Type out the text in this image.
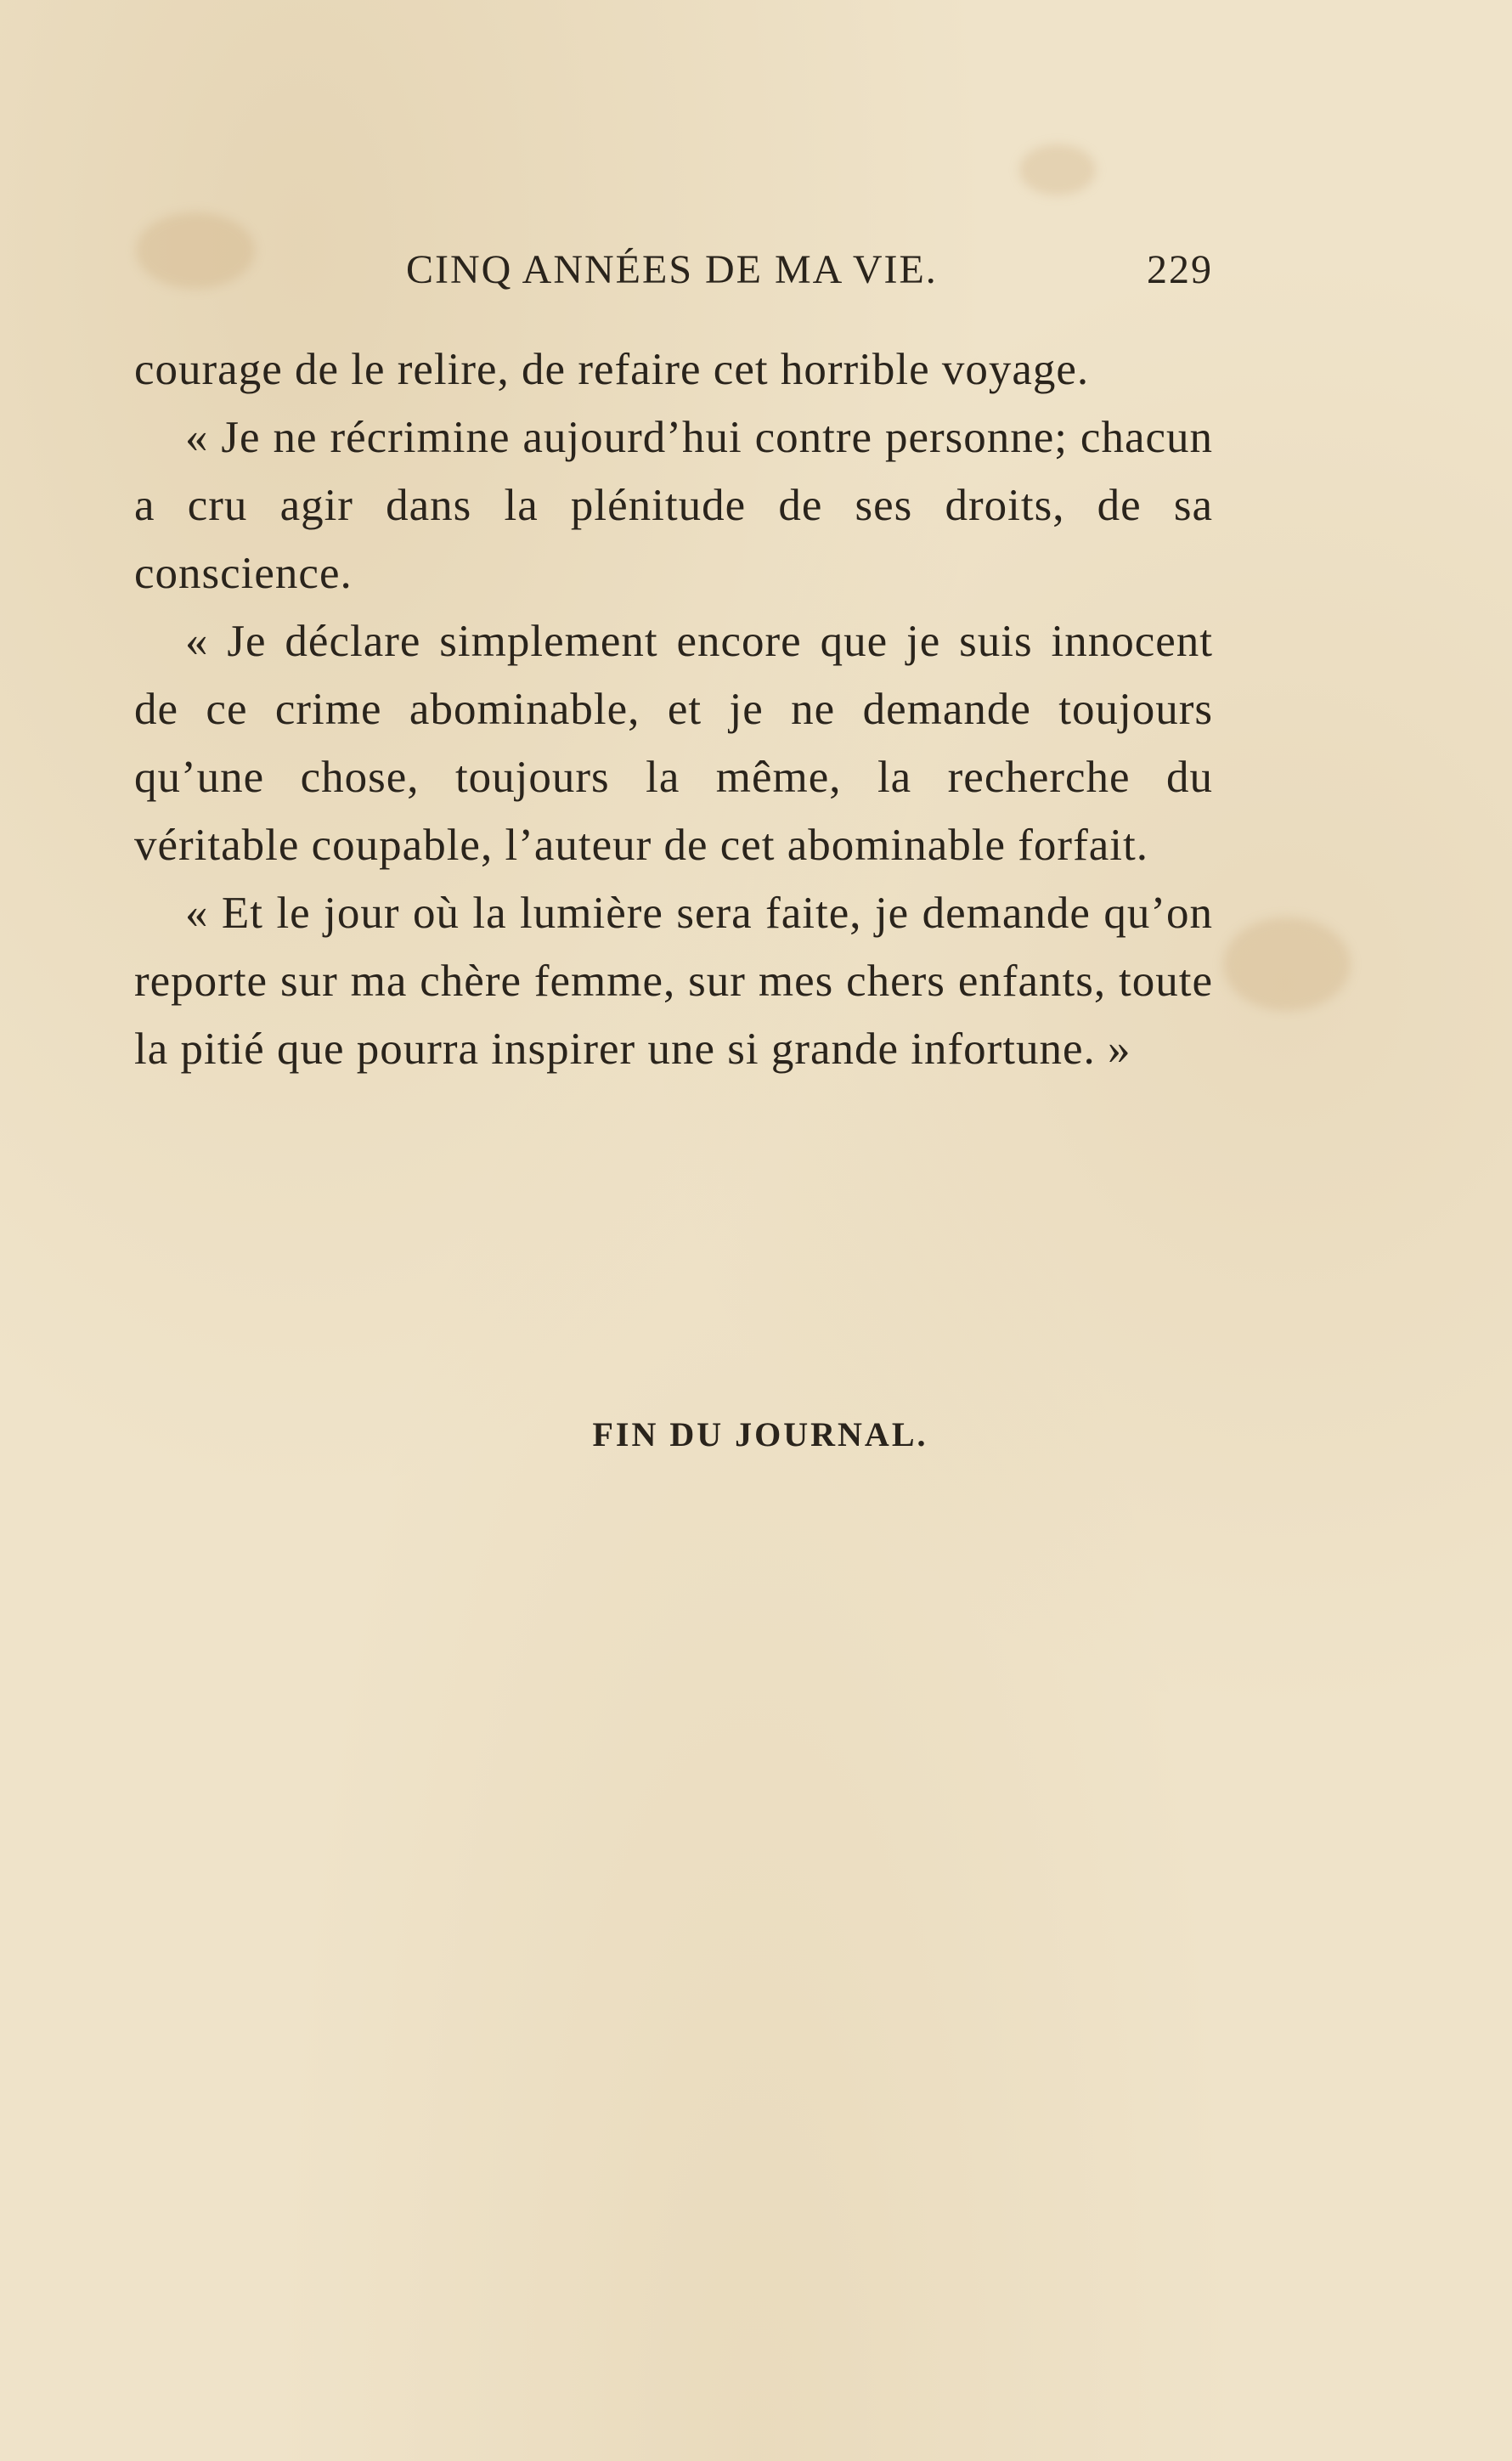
CINQ ANNÉES DE MA VIE.	229

courage de le relire, de refaire cet horrible voyage.

« Je ne récrimine aujourd’hui contre personne; chacun a cru agir dans la plénitude de ses droits, de sa conscience.

« Je déclare simplement encore que je suis innocent de ce crime abominable, et je ne demande toujours qu’une chose, toujours la même, la recherche du véritable coupable, l’auteur de cet abominable forfait.

« Et le jour où la lumière sera faite, je demande qu’on reporte sur ma chère femme, sur mes chers enfants, toute la pitié que pourra inspirer une si grande infortune. »

FIN DU JOURNAL.
